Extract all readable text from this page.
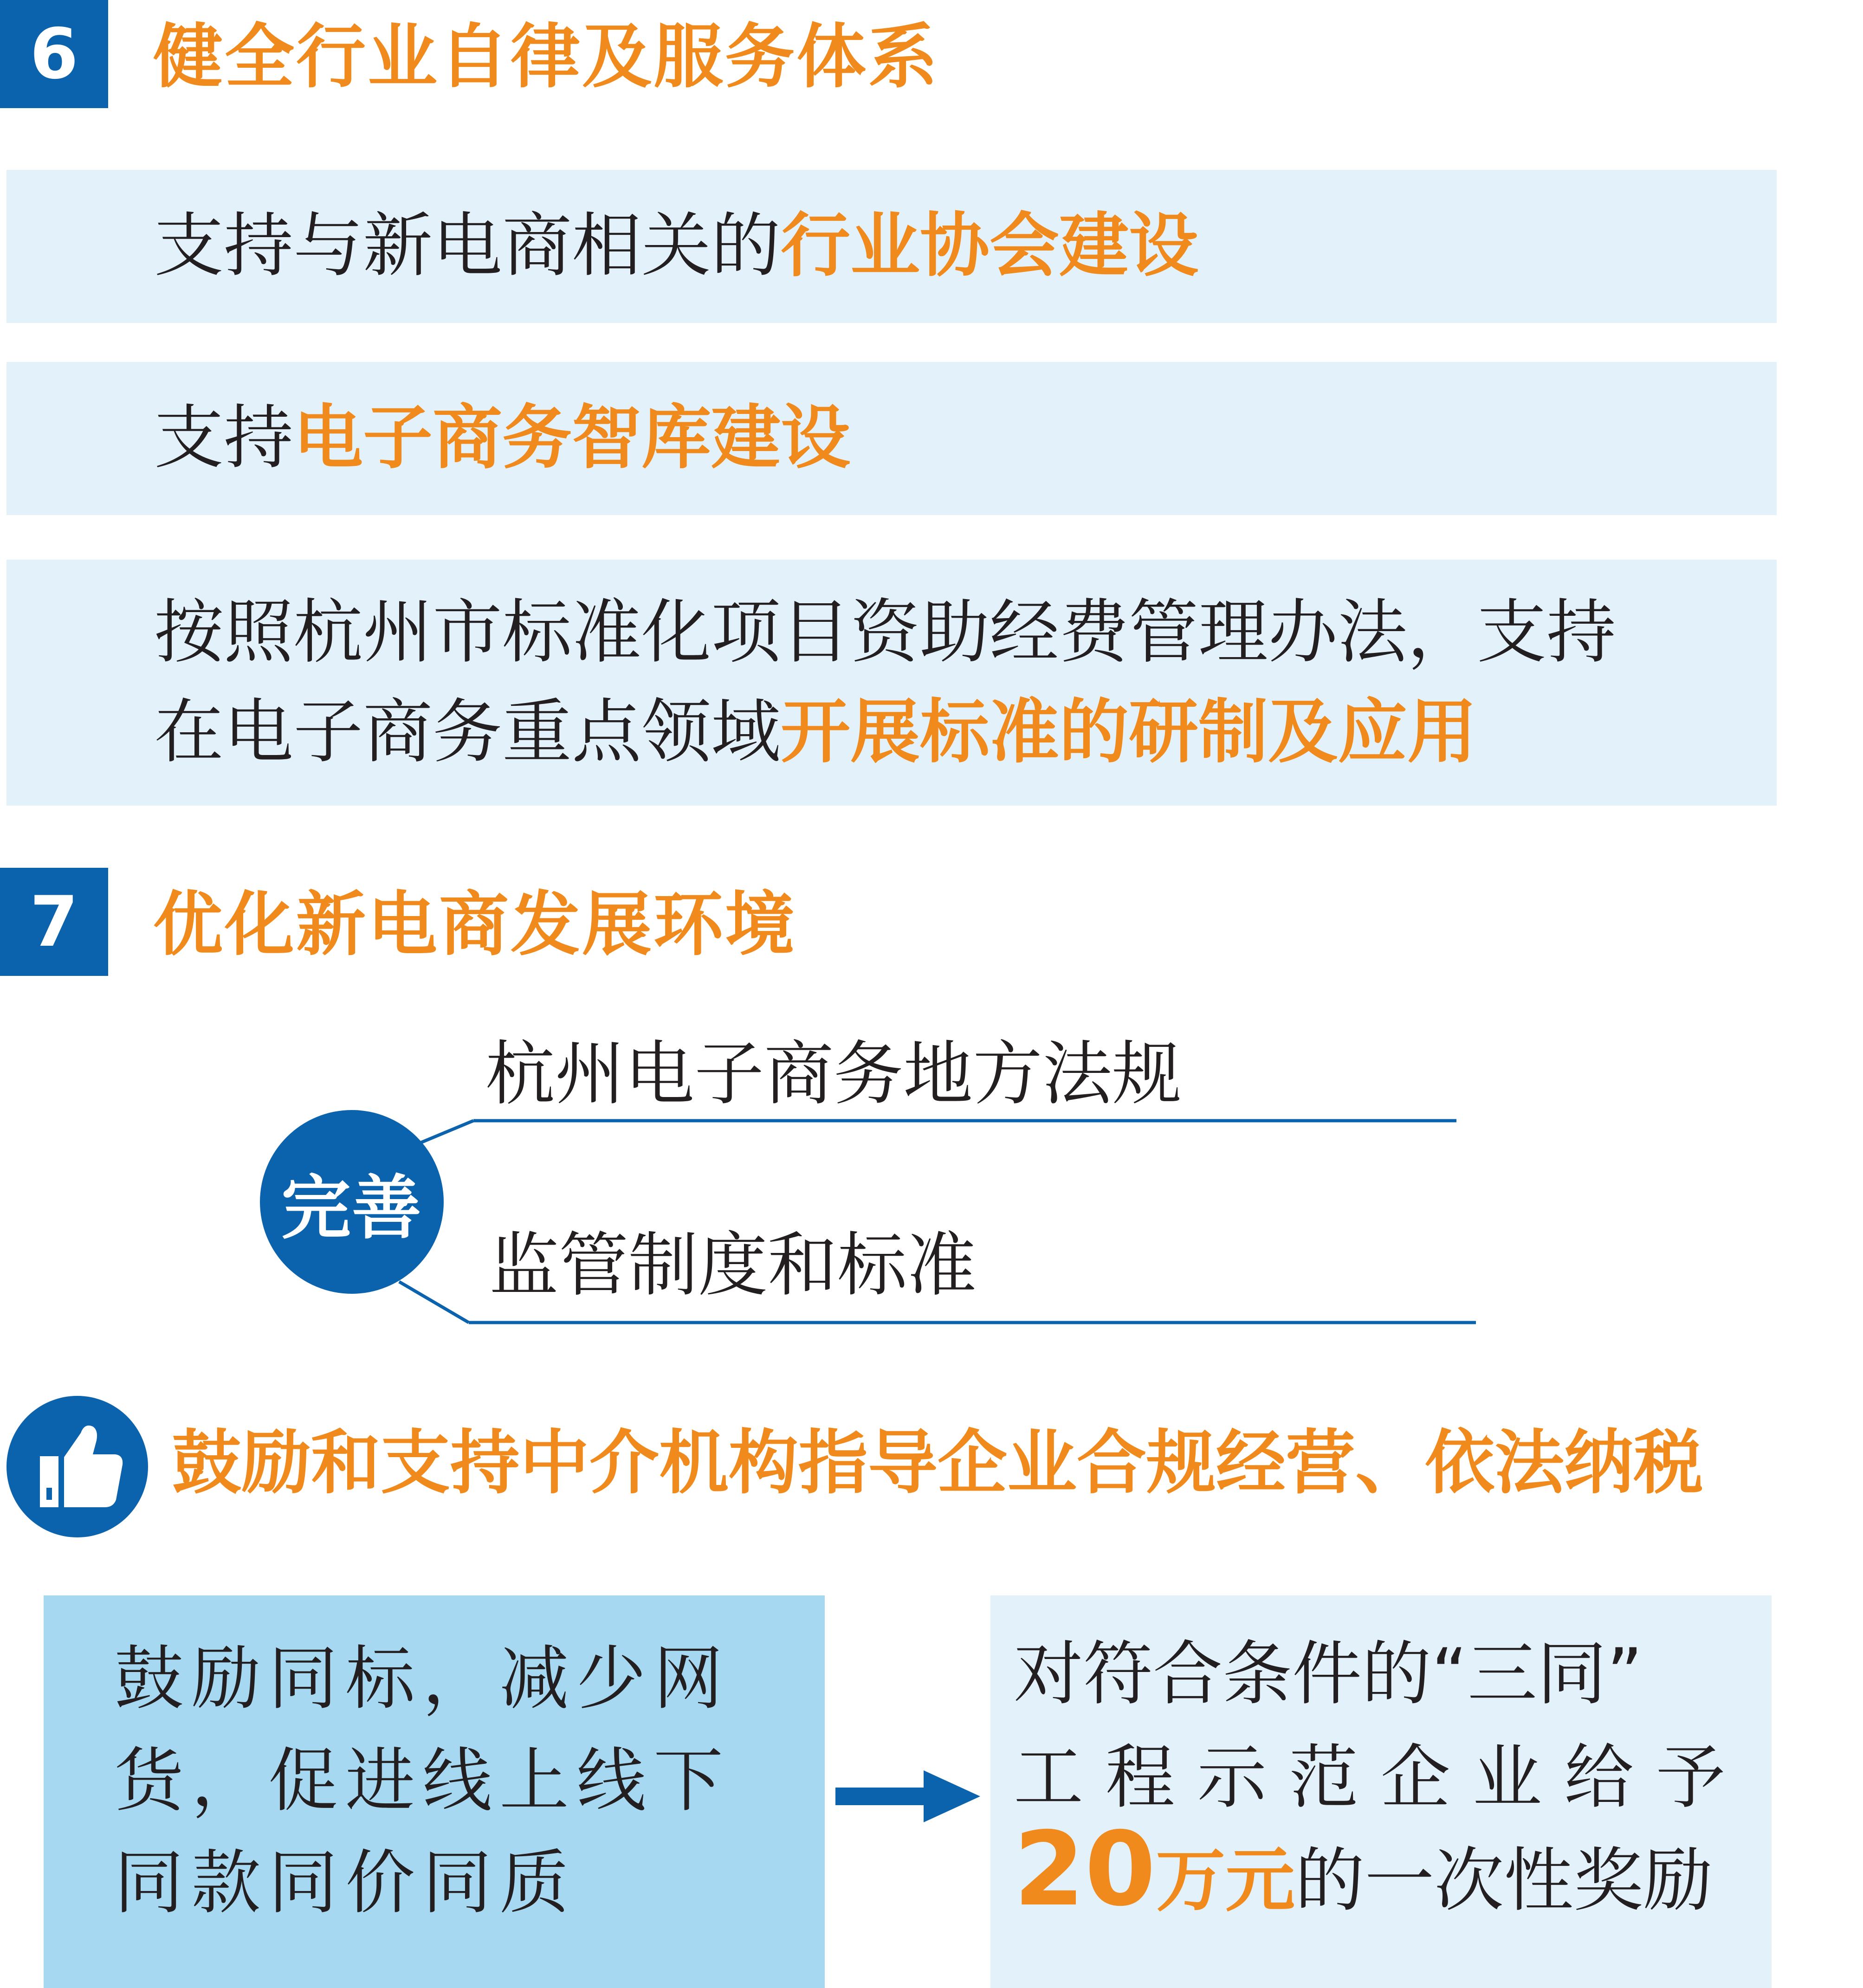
6 健全行业自律及服务体系
支持与新电商相关的行业协会建设
支持电子商务智库建设
按照杭州市标准化项目资助经费管理办法，支持
在电子商务重点领域开展标准的研制及应用
7 优化新电商发展环境
完善
杭州电子商务地方法规
监管制度和标准
鼓励和支持中介机构指导企业合规经营、依法纳税
鼓励同标，减少网货，促进线上线下同款同价同质
对符合条件的“三同”
工 程 示 范 企 业 给 予
20万元的一次性奖励
